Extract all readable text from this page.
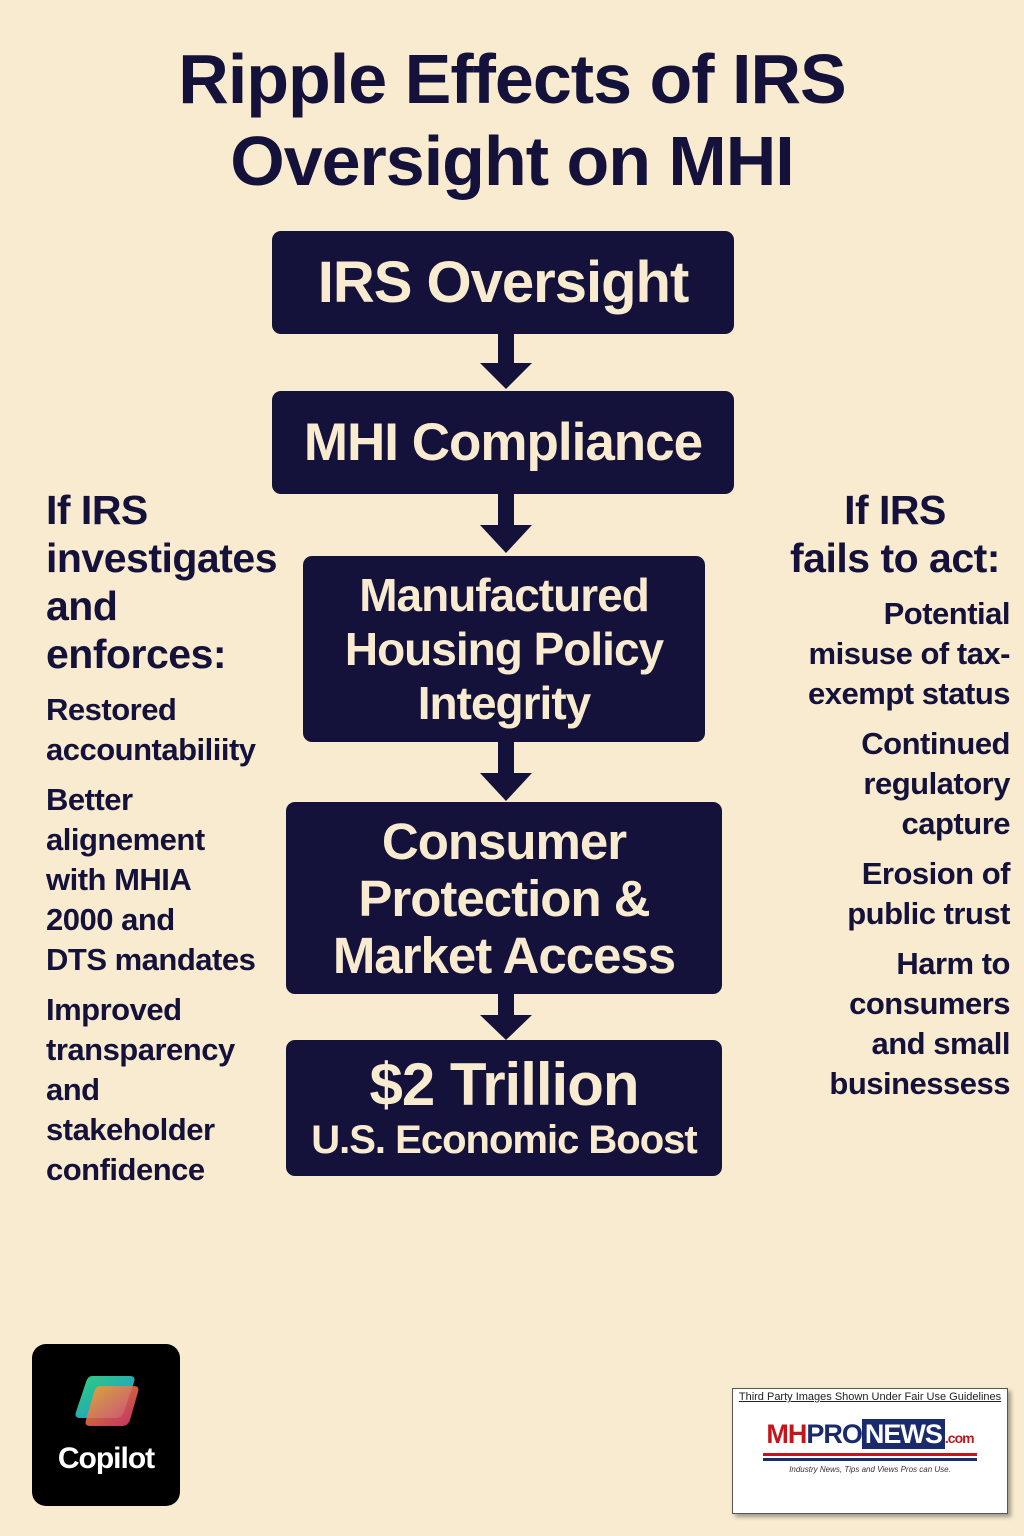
Ripple Effects of IRS
Oversight on MHI
IRS Oversight
MHI Compliance
Manufactured
Housing Policy
Integrity
Consumer
Protection &
Market Access
$2 Trillion
U.S. Economic Boost
If IRS
investigates
and
enforces:
Restored
accountabiliity
Better
alignement
with MHIA
2000 and
DTS mandates
Improved
transparency
and
stakeholder
confidence
If IRS
fails to act:
Potential
misuse of tax-
exempt status
Continued
regulatory
capture
Erosion of
public trust
Harm to
consumers
and small
businessess
Copilot
Third Party Images Shown Under Fair Use Guidelines
MHPRO NEWS .com
Industry News, Tips and Views Pros can Use.
